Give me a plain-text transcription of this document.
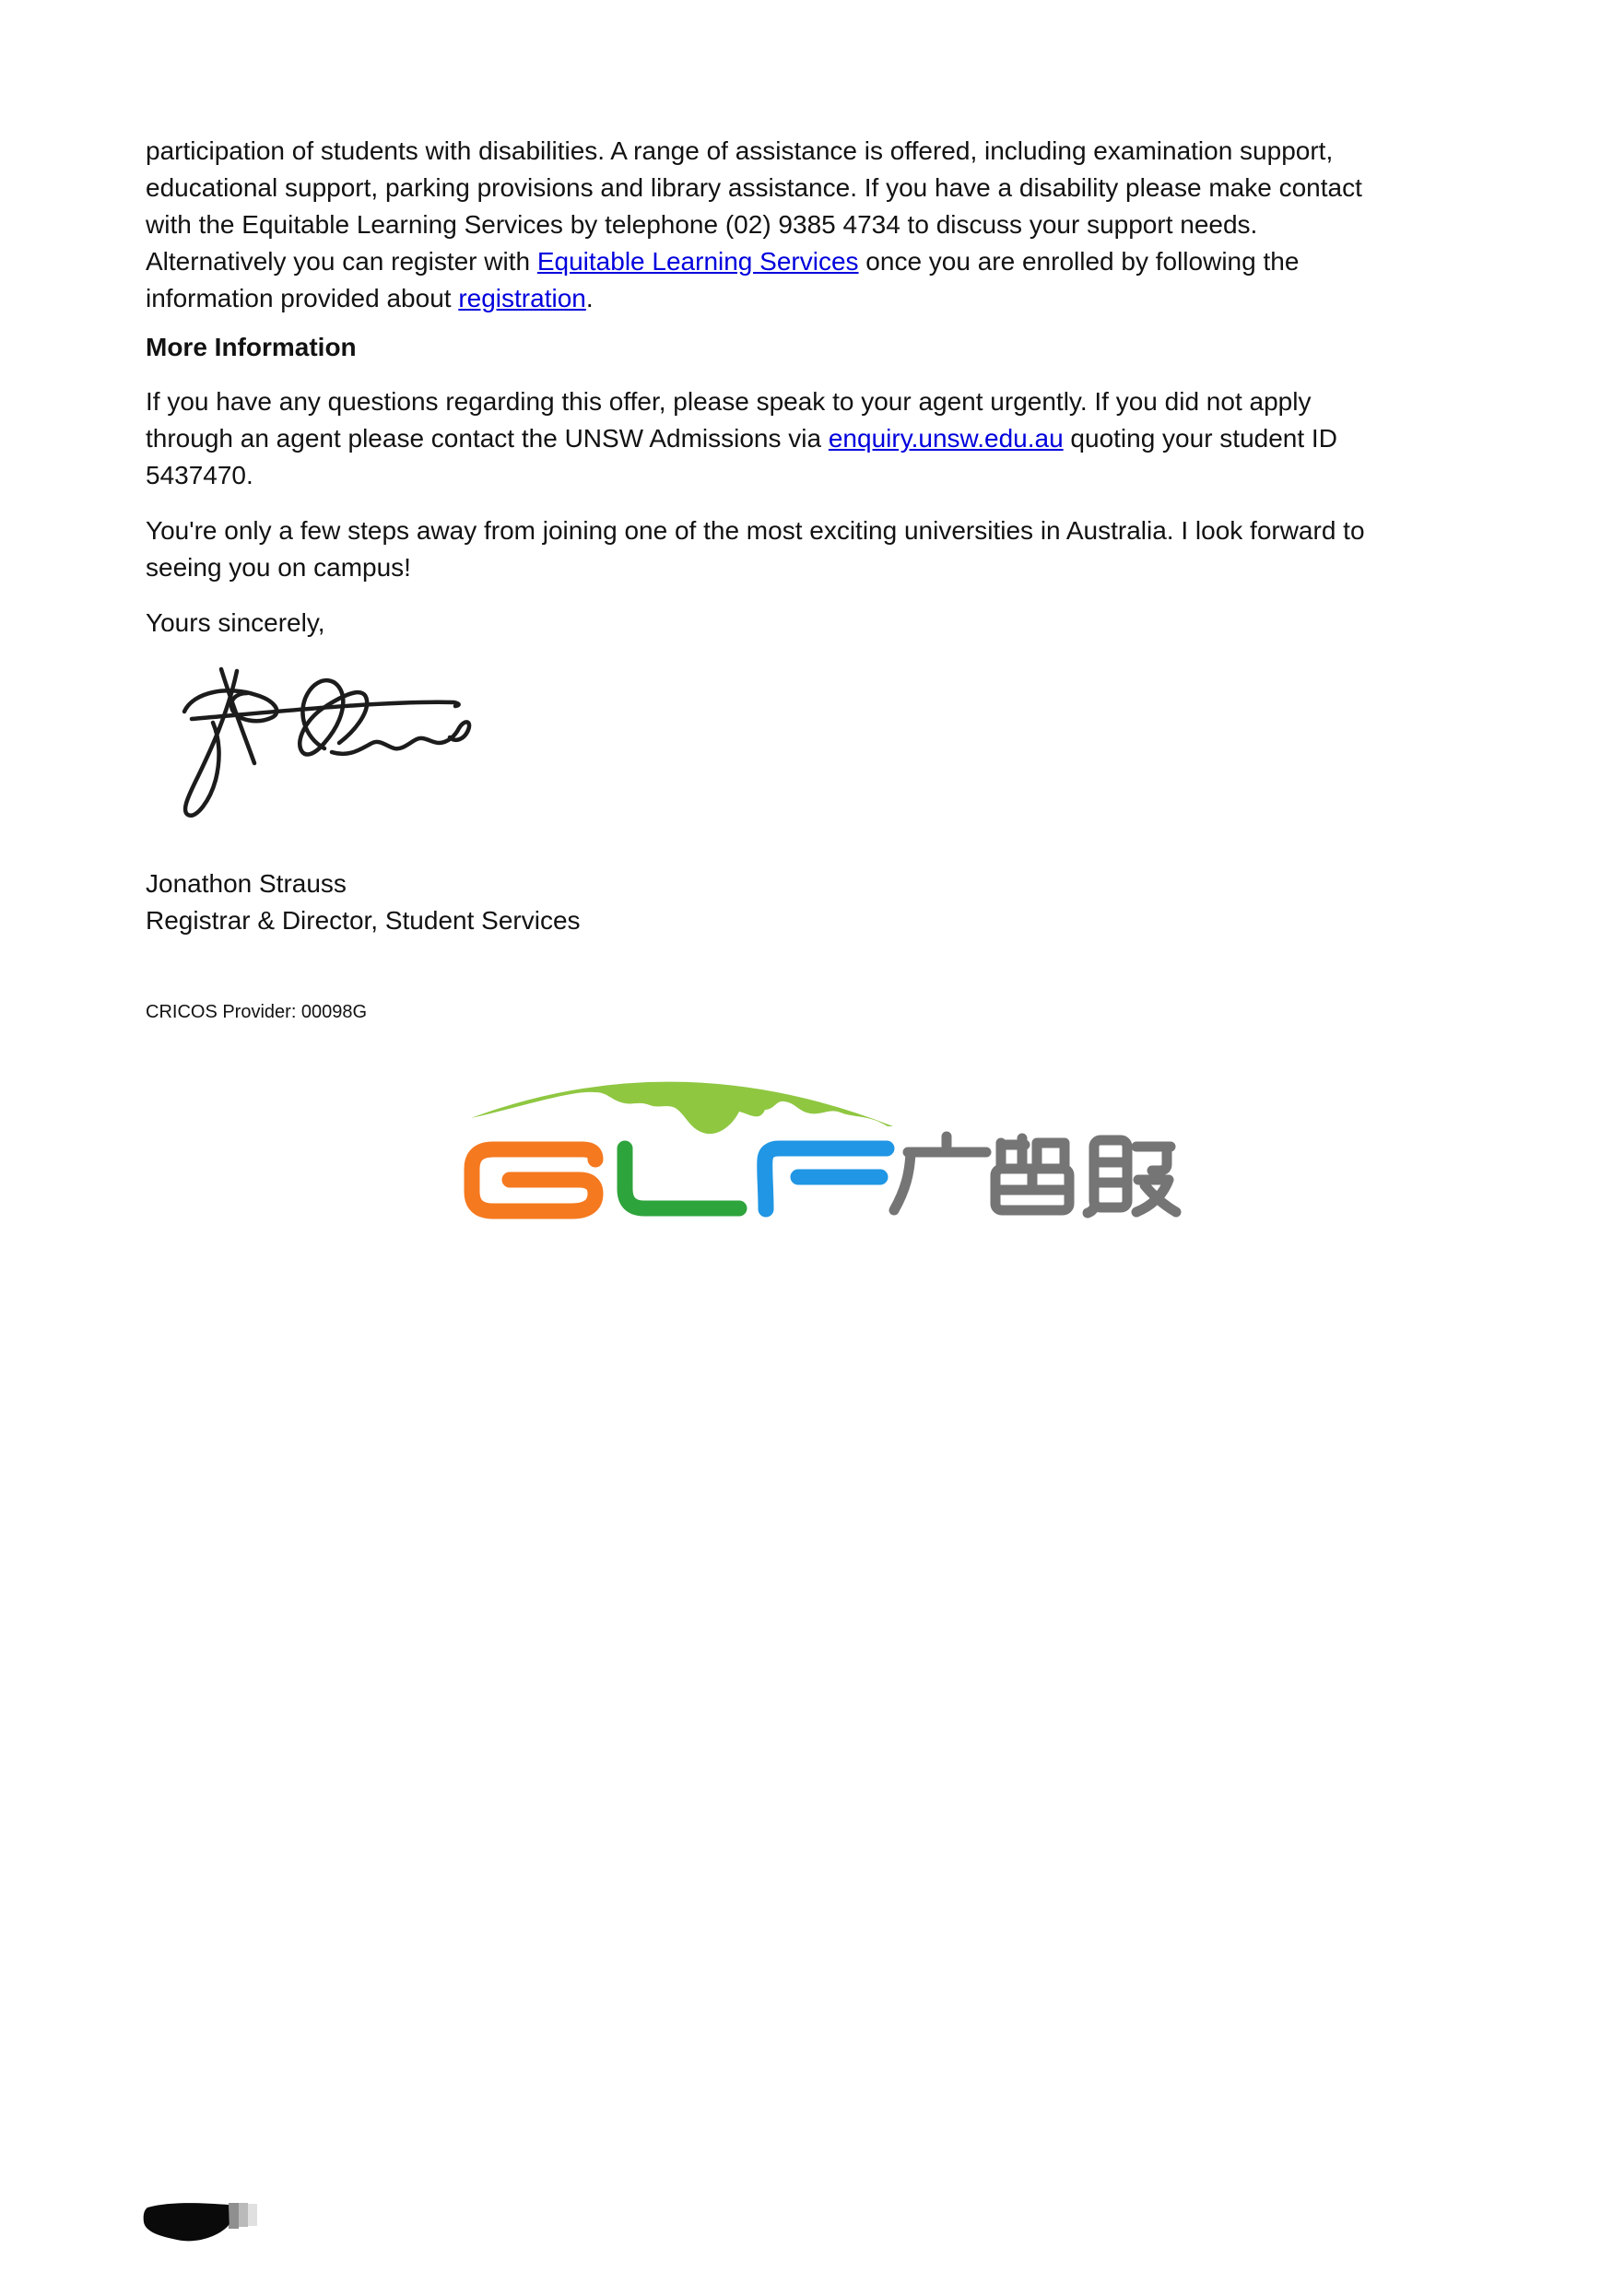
participation of students with disabilities. A range of assistance is offered, including examination support,
educational support, parking provisions and library assistance. If you have a disability please make contact
with the Equitable Learning Services by telephone (02) 9385 4734 to discuss your support needs.
Alternatively you can register with Equitable Learning Services once you are enrolled by following the
information provided about registration.
More Information
If you have any questions regarding this offer, please speak to your agent urgently. If you did not apply
through an agent please contact the UNSW Admissions via enquiry.unsw.edu.au quoting your student ID
5437470.
You're only a few steps away from joining one of the most exciting universities in Australia. I look forward to
seeing you on campus!
Yours sincerely,
Jonathon Strauss
Registrar & Director, Student Services
CRICOS Provider: 00098G
